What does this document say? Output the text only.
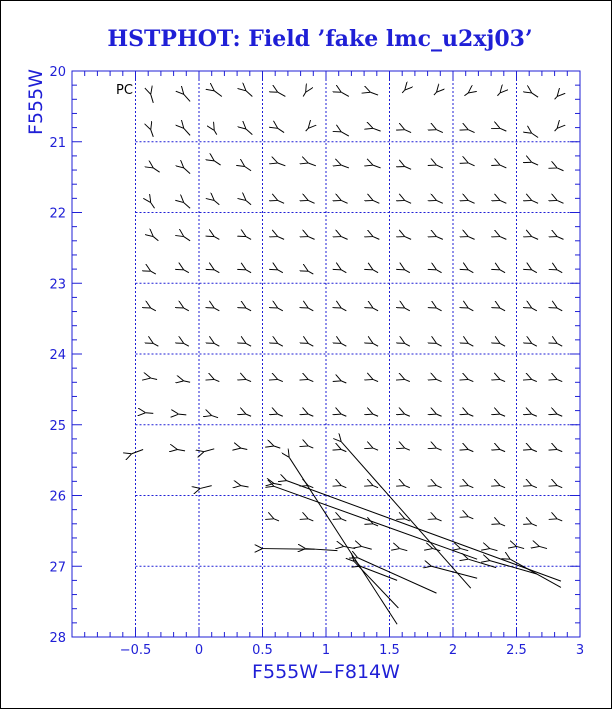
HSTPHOT: Field ’fake lmc_u2xj03’
−0.5	0	0.5	1	1.5	2	2.5	3
20
21
22
23
24
25
26
27
28
F555W−F814W
F555W	PC
